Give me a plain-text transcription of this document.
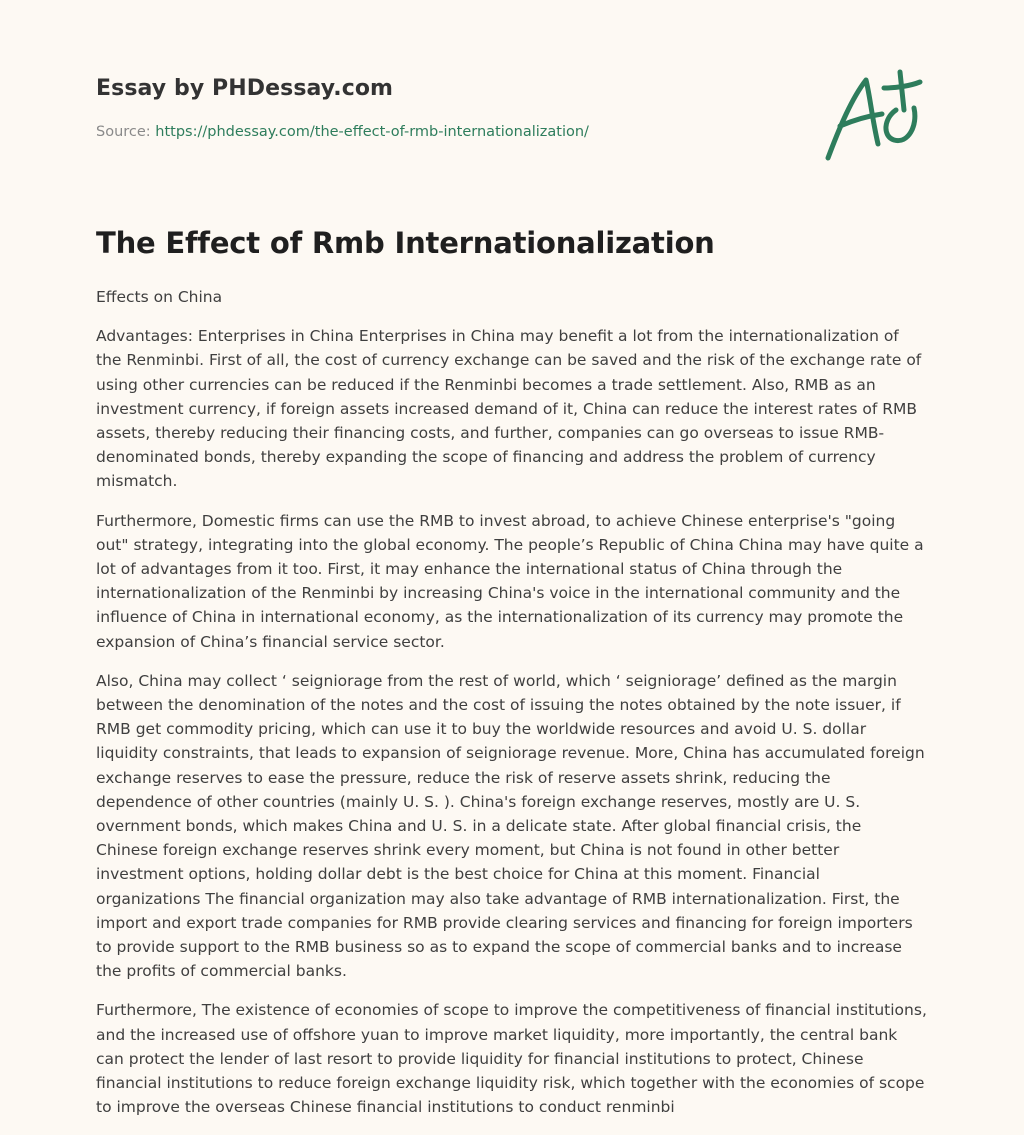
Essay by PHDessay.com
Source: https://phdessay.com/the-effect-of-rmb-internationalization/
The Effect of Rmb Internationalization

Effects on China

Advantages: Enterprises in China Enterprises in China may benefit a lot from the internationalization of the Renminbi. First of all, the cost of currency exchange can be saved and the risk of the exchange rate of using other currencies can be reduced if the Renminbi becomes a trade settlement. Also, RMB as an investment currency, if foreign assets increased demand of it, China can reduce the interest rates of RMB assets, thereby reducing their financing costs, and further, companies can go overseas to issue RMB-denominated bonds, thereby expanding the scope of financing and address the problem of currency mismatch.

Furthermore, Domestic firms can use the RMB to invest abroad, to achieve Chinese enterprise's "going out" strategy, integrating into the global economy. The people’s Republic of China China may have quite a lot of advantages from it too. First, it may enhance the international status of China through the internationalization of the Renminbi by increasing China's voice in the international community and the influence of China in international economy, as the internationalization of its currency may promote the expansion of China’s financial service sector.

Also, China may collect ‘ seigniorage from the rest of world, which ‘ seigniorage’ defined as the margin between the denomination of the notes and the cost of issuing the notes obtained by the note issuer, if RMB get commodity pricing, which can use it to buy the worldwide resources and avoid U. S. dollar liquidity constraints, that leads to expansion of seigniorage revenue. More, China has accumulated foreign exchange reserves to ease the pressure, reduce the risk of reserve assets shrink, reducing the dependence of other countries (mainly U. S. ). China's foreign exchange reserves, mostly are U. S. overnment bonds, which makes China and U. S. in a delicate state. After global financial crisis, the Chinese foreign exchange reserves shrink every moment, but China is not found in other better investment options, holding dollar debt is the best choice for China at this moment. Financial organizations The financial organization may also take advantage of RMB internationalization. First, the import and export trade companies for RMB provide clearing services and financing for foreign importers to provide support to the RMB business so as to expand the scope of commercial banks and to increase the profits of commercial banks.

Furthermore, The existence of economies of scope to improve the competitiveness of financial institutions, and the increased use of offshore yuan to improve market liquidity, more importantly, the central bank can protect the lender of last resort to provide liquidity for financial institutions to protect, Chinese financial institutions to reduce foreign exchange liquidity risk, which together with the economies of scope to improve the overseas Chinese financial institutions to conduct renminbi
